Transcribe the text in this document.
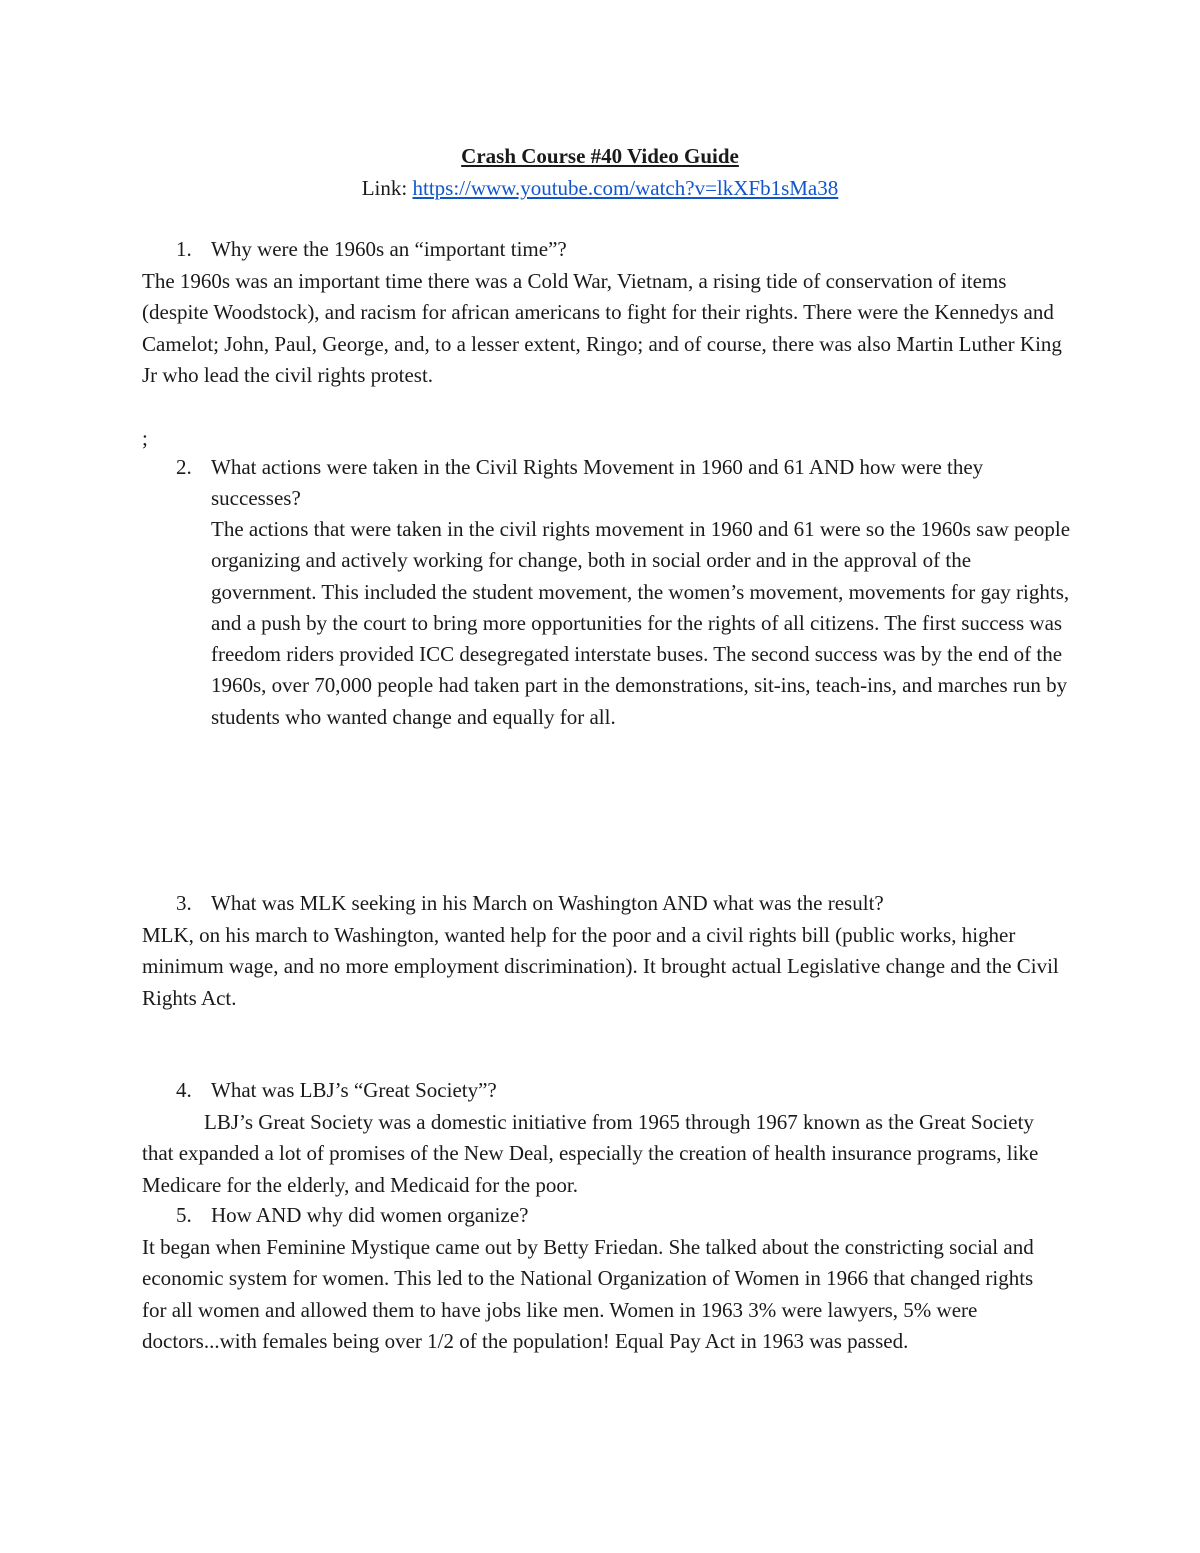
Crash Course #40 Video Guide
Link: https://www.youtube.com/watch?v=lkXFb1sMa38
1. Why were the 1960s an “important time”?

The 1960s was an important time there was a Cold War, Vietnam, a rising tide of conservation of items (despite Woodstock), and racism for african americans to fight for their rights. There were the Kennedys and Camelot; John, Paul, George, and, to a lesser extent, Ringo; and of course, there was also Martin Luther King Jr who lead the civil rights protest.

;
2. What actions were taken in the Civil Rights Movement in 1960 and 61 AND how were they successes?

The actions that were taken in the civil rights movement in 1960 and 61 were so the 1960s saw people organizing and actively working for change, both in social order and in the approval of the government. This included the student movement, the women’s movement, movements for gay rights, and a push by the court to bring more opportunities for the rights of all citizens. The first success was freedom riders provided ICC desegregated interstate buses. The second success was by the end of the 1960s, over 70,000 people had taken part in the demonstrations, sit-ins, teach-ins, and marches run by students who wanted change and equally for all.

3. What was MLK seeking in his March on Washington AND what was the result?

MLK, on his march to Washington, wanted help for the poor and a civil rights bill (public works, higher minimum wage, and no more employment discrimination). It brought actual Legislative change and the Civil Rights Act.

4. What was LBJ’s “Great Society”?

LBJ’s Great Society was a domestic initiative from 1965 through 1967 known as the Great Society that expanded a lot of promises of the New Deal, especially the creation of health insurance programs, like Medicare for the elderly, and Medicaid for the poor.

5. How AND why did women organize?

It began when Feminine Mystique came out by Betty Friedan. She talked about the constricting social and economic system for women. This led to the National Organization of Women in 1966 that changed rights for all women and allowed them to have jobs like men. Women in 1963 3% were lawyers, 5% were doctors...with females being over 1/2 of the population! Equal Pay Act in 1963 was passed.
